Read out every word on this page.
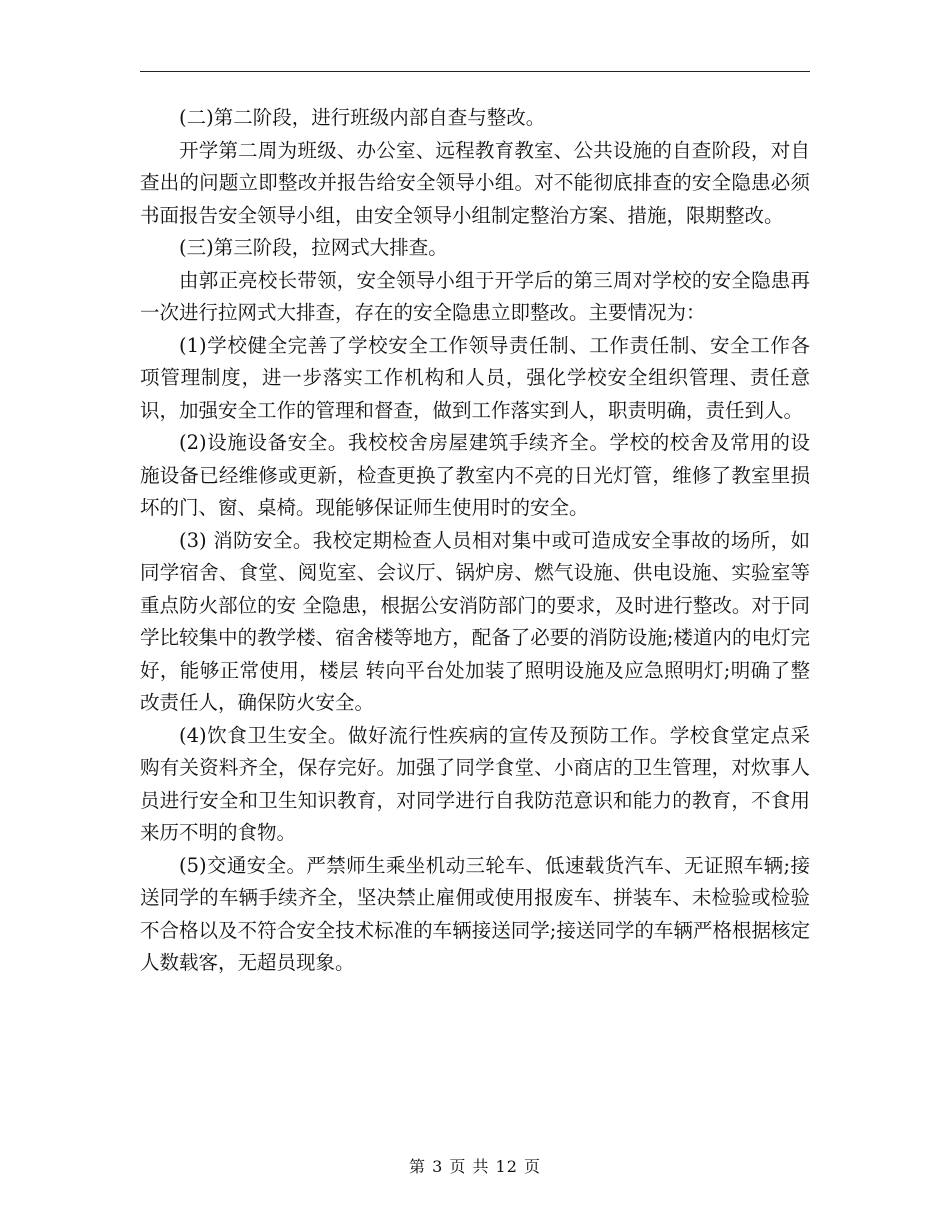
(二)第二阶段，进行班级内部自查与整改。

开学第二周为班级、办公室、远程教育教室、公共设施的自查阶段，对自查出的问题立即整改并报告给安全领导小组。对不能彻底排查的安全隐患必须书面报告安全领导小组，由安全领导小组制定整治方案、措施，限期整改。

(三)第三阶段，拉网式大排查。

由郭正亮校长带领，安全领导小组于开学后的第三周对学校的安全隐患再一次进行拉网式大排查，存在的安全隐患立即整改。主要情况为：

(1)学校健全完善了学校安全工作领导责任制、工作责任制、安全工作各项管理制度，进一步落实工作机构和人员，强化学校安全组织管理、责任意识，加强安全工作的管理和督查，做到工作落实到人，职责明确，责任到人。

(2)设施设备安全。我校校舍房屋建筑手续齐全。学校的校舍及常用的设施设备已经维修或更新，检查更换了教室内不亮的日光灯管，维修了教室里损坏的门、窗、桌椅。现能够保证师生使用时的安全。

(3) 消防安全。我校定期检查人员相对集中或可造成安全事故的场所，如同学宿舍、食堂、阅览室、会议厅、锅炉房、燃气设施、供电设施、实验室等重点防火部位的安 全隐患，根据公安消防部门的要求，及时进行整改。对于同学比较集中的教学楼、宿舍楼等地方，配备了必要的消防设施;楼道内的电灯完好，能够正常使用，楼层 转向平台处加装了照明设施及应急照明灯;明确了整改责任人，确保防火安全。

(4)饮食卫生安全。做好流行性疾病的宣传及预防工作。学校食堂定点采购有关资料齐全，保存完好。加强了同学食堂、小商店的卫生管理，对炊事人员进行安全和卫生知识教育，对同学进行自我防范意识和能力的教育，不食用来历不明的食物。

(5)交通安全。严禁师生乘坐机动三轮车、低速载货汽车、无证照车辆;接送同学的车辆手续齐全，坚决禁止雇佣或使用报废车、拼装车、未检验或检验不合格以及不符合安全技术标准的车辆接送同学;接送同学的车辆严格根据核定人数载客，无超员现象。

第 3 页 共 12 页
